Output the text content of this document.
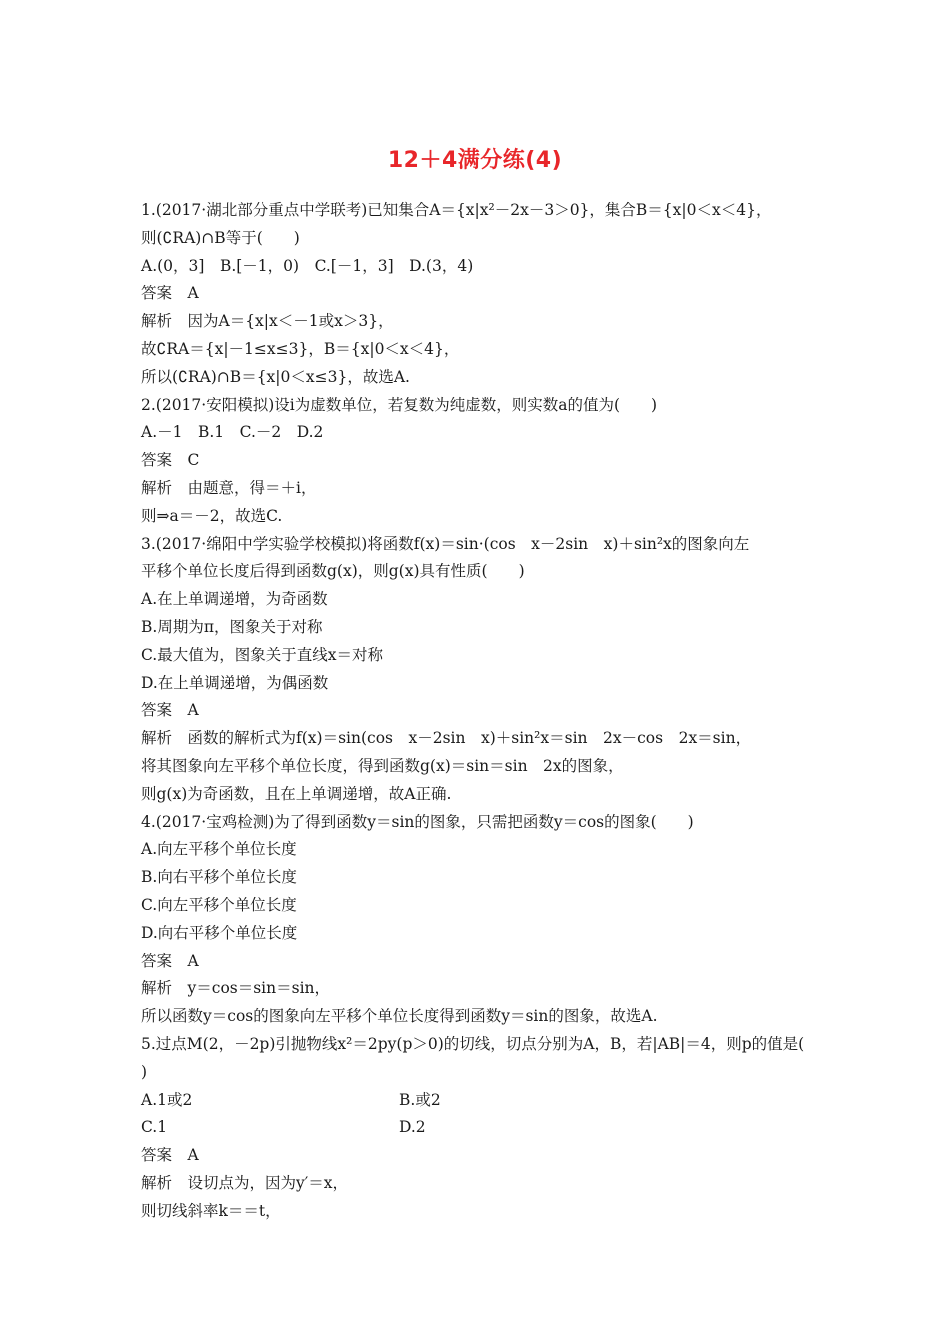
12＋4满分练(4)
1.(2017·湖北部分重点中学联考)已知集合A＝{x|x²－2x－3＞0}，集合B＝{x|0＜x＜4}，
则(∁RA)∩B等于(　　)
A.(0，3]　B.[－1，0)　C.[－1，3]　D.(3，4)
答案　A
解析　因为A＝{x|x＜－1或x＞3}，
故∁RA＝{x|－1≤x≤3}，B＝{x|0＜x＜4}，
所以(∁RA)∩B＝{x|0＜x≤3}，故选A.
2.(2017·安阳模拟)设i为虚数单位，若复数为纯虚数，则实数a的值为(　　)
A.－1　B.1　C.－2　D.2
答案　C
解析　由题意，得＝＋i，
则⇒a＝－2，故选C.
3.(2017·绵阳中学实验学校模拟)将函数f(x)＝sin·(cos　x－2sin　x)＋sin²x的图象向左
平移个单位长度后得到函数g(x)，则g(x)具有性质(　　)
A.在上单调递增，为奇函数
B.周期为π，图象关于对称
C.最大值为，图象关于直线x＝对称
D.在上单调递增，为偶函数
答案　A
解析　函数的解析式为f(x)＝sin(cos　x－2sin　x)＋sin²x＝sin　2x－cos　2x＝sin，
将其图象向左平移个单位长度，得到函数g(x)＝sin＝sin　2x的图象，
则g(x)为奇函数，且在上单调递增，故A正确.
4.(2017·宝鸡检测)为了得到函数y＝sin的图象，只需把函数y＝cos的图象(　　)
A.向左平移个单位长度
B.向右平移个单位长度
C.向左平移个单位长度
D.向右平移个单位长度
答案　A
解析　y＝cos＝sin＝sin，
所以函数y＝cos的图象向左平移个单位长度得到函数y＝sin的图象，故选A.
5.过点M(2，－2p)引抛物线x²＝2py(p＞0)的切线，切点分别为A，B，若|AB|＝4，则p的值是(
)
A.1或2	B.或2
C.1	D.2
答案　A
解析　设切点为，因为y′＝x，
则切线斜率k＝＝t，
